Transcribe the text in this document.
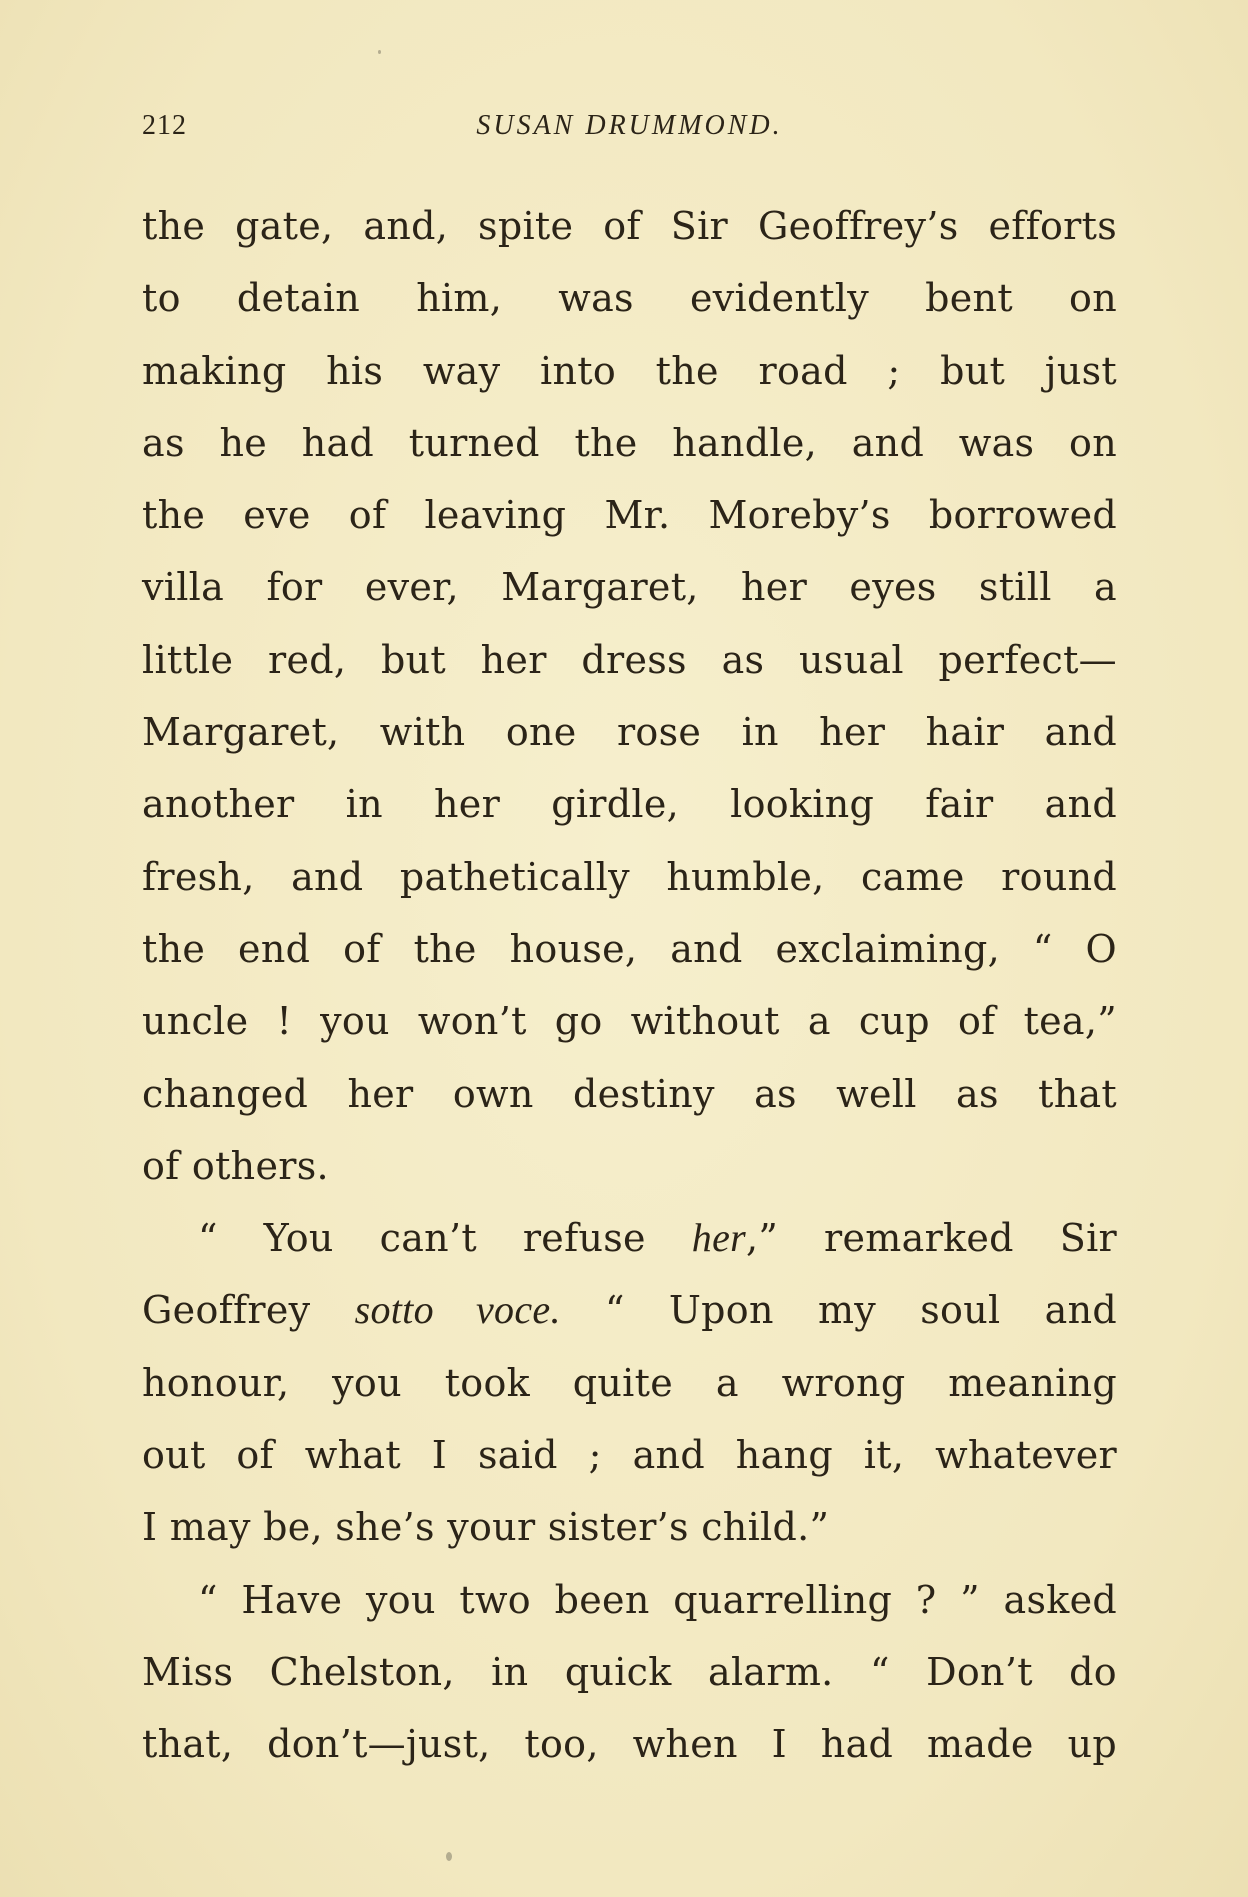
212	SUSAN DRUMMOND.
the gate, and, spite of Sir Geoffrey’s efforts
to detain him, was evidently bent on
making his way into the road ; but just
as he had turned the handle, and was on
the eve of leaving Mr. Moreby’s borrowed
villa for ever, Margaret, her eyes still a
little red, but her dress as usual perfect—
Margaret, with one rose in her hair and
another in her girdle, looking fair and
fresh, and pathetically humble, came round
the end of the house, and exclaiming, “ O
uncle ! you won’t go without a cup of tea,”
changed her own destiny as well as that
of others.
“ You can’t refuse her,” remarked Sir
Geoffrey sotto voce. “ Upon my soul and
honour, you took quite a wrong meaning
out of what I said ; and hang it, whatever
I may be, she’s your sister’s child.”
“ Have you two been quarrelling ? ” asked
Miss Chelston, in quick alarm. “ Don’t do
that, don’t—just, too, when I had made up
